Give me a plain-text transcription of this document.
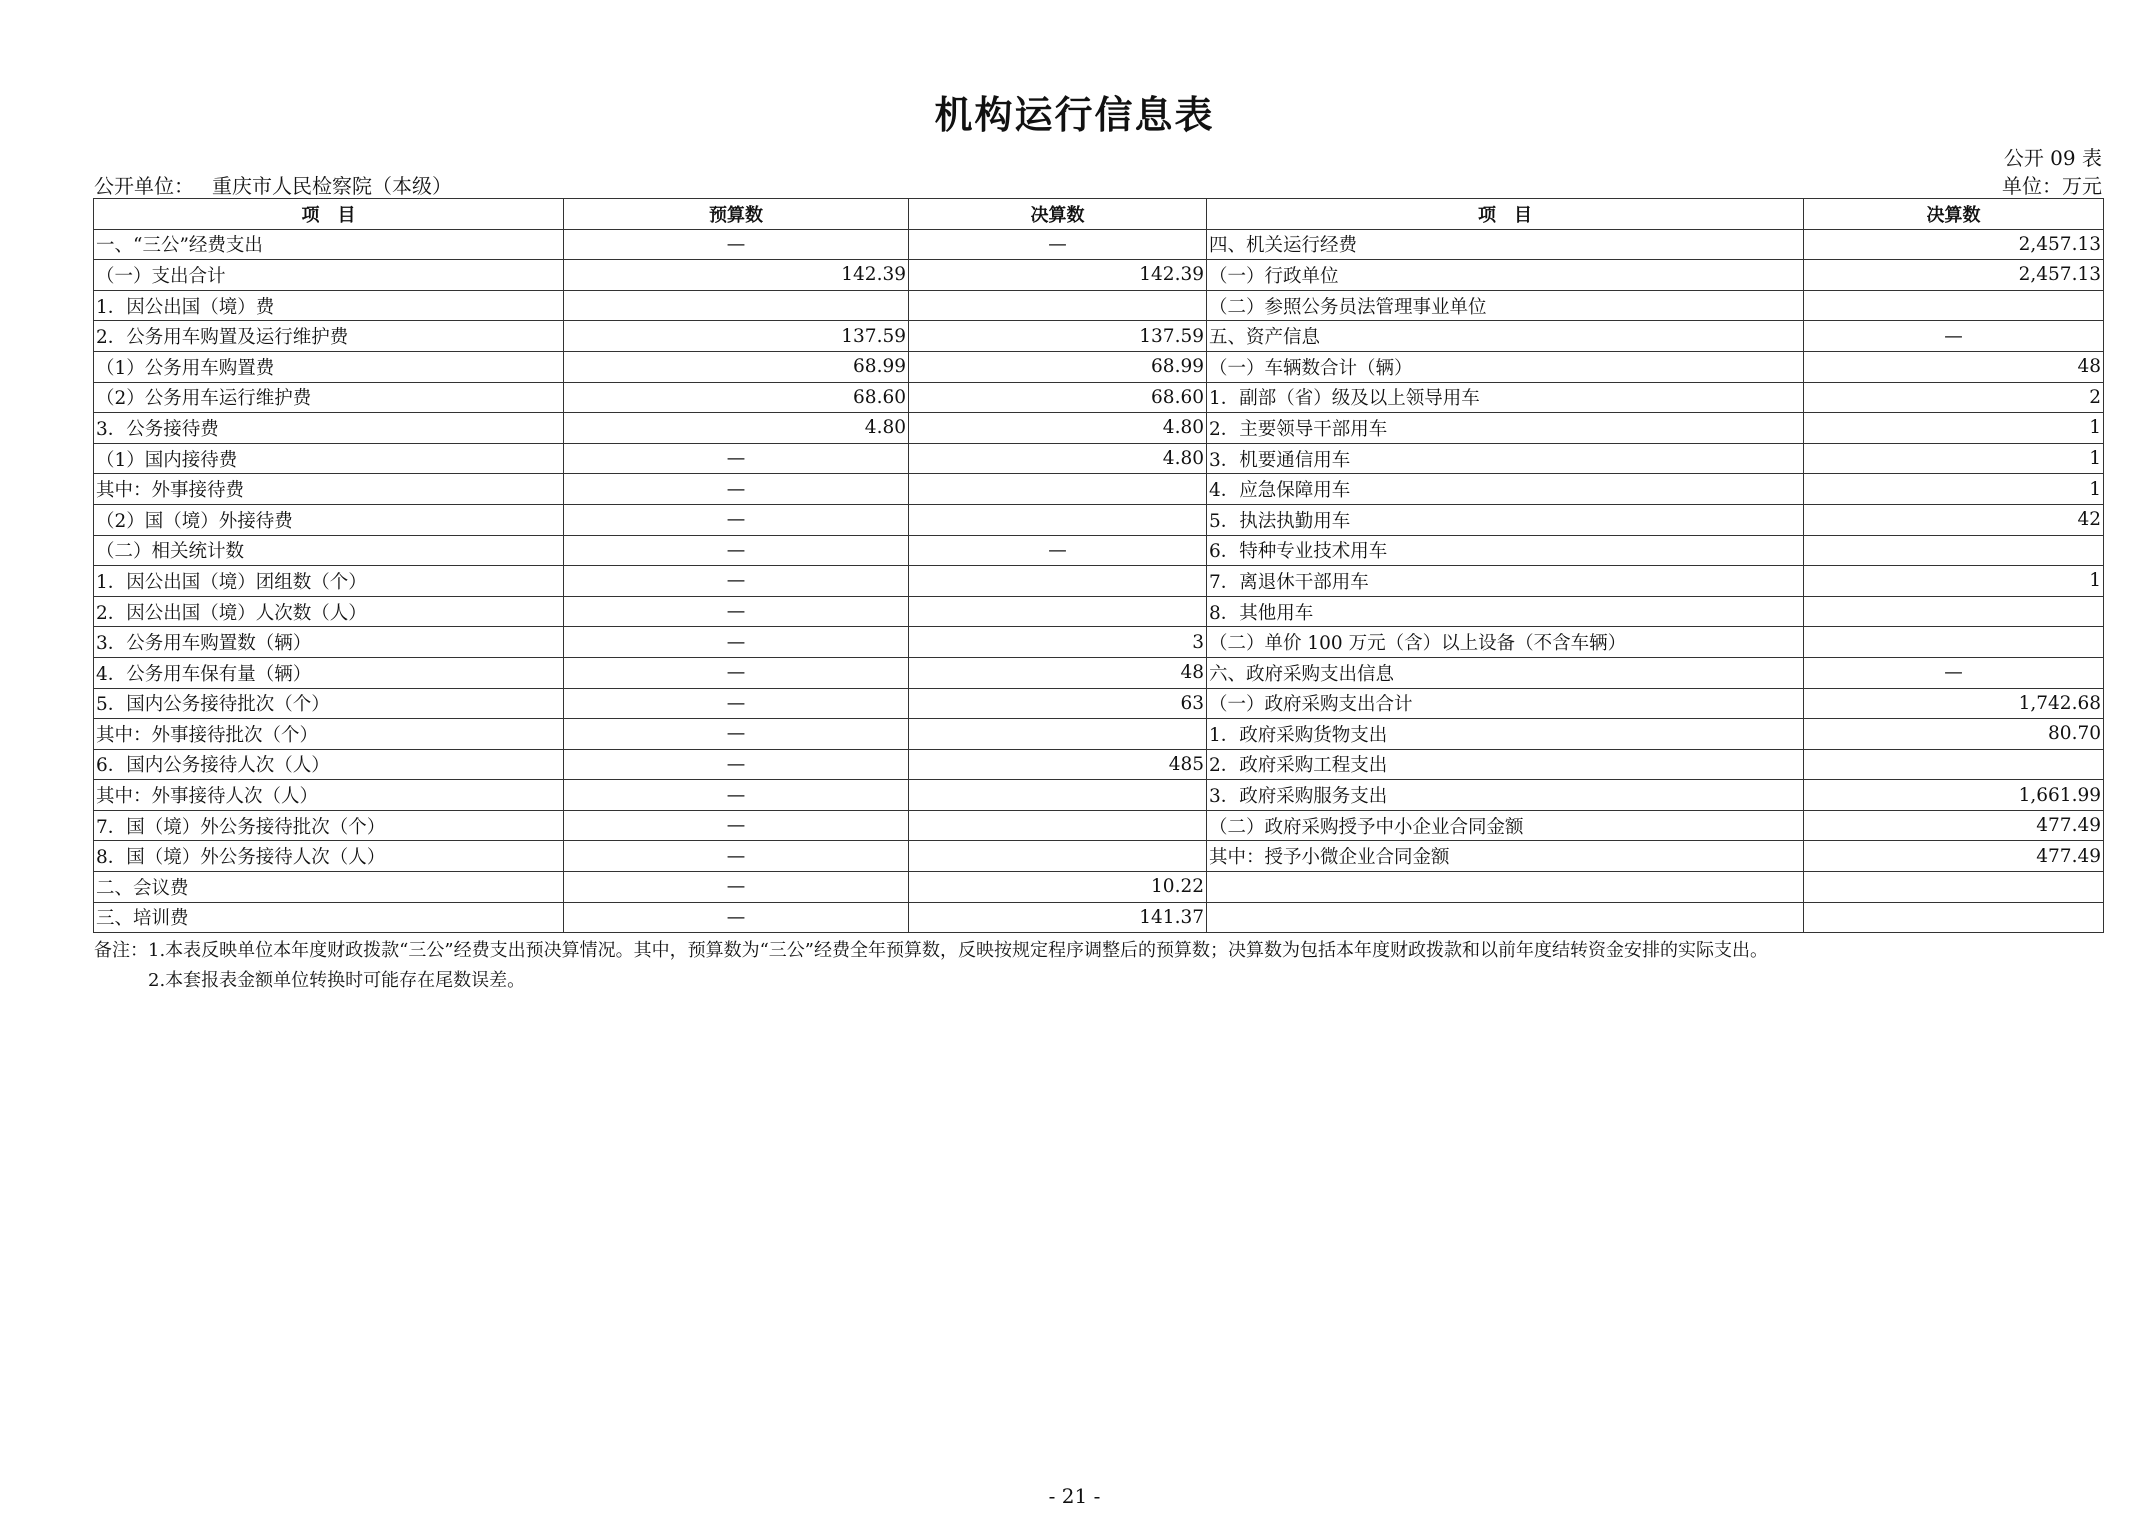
机构运行信息表
公开 09 表
公开单位： 重庆市人民检察院（本级）	单位：万元
项　目	预算数	决算数	项　目	决算数
一、“三公”经费支出	—	—	四、机关运行经费	2,457.13
（一）支出合计	142.39	142.39	（一）行政单位	2,457.13
1．因公出国（境）费			（二）参照公务员法管理事业单位	
2．公务用车购置及运行维护费	137.59	137.59	五、资产信息	—
（1）公务用车购置费	68.99	68.99	（一）车辆数合计（辆）	48
（2）公务用车运行维护费	68.60	68.60	1．副部（省）级及以上领导用车	2
3．公务接待费	4.80	4.80	2．主要领导干部用车	1
（1）国内接待费	—	4.80	3．机要通信用车	1
其中：外事接待费	—		4．应急保障用车	1
（2）国（境）外接待费	—		5．执法执勤用车	42
（二）相关统计数	—	—	6．特种专业技术用车	
1．因公出国（境）团组数（个）	—		7．离退休干部用车	1
2．因公出国（境）人次数（人）	—		8．其他用车	
3．公务用车购置数（辆）	—	3	（二）单价 100 万元（含）以上设备（不含车辆）	
4．公务用车保有量（辆）	—	48	六、政府采购支出信息	—
5．国内公务接待批次（个）	—	63	（一）政府采购支出合计	1,742.68
其中：外事接待批次（个）	—		1．政府采购货物支出	80.70
6．国内公务接待人次（人）	—	485	2．政府采购工程支出	
其中：外事接待人次（人）	—		3．政府采购服务支出	1,661.99
7．国（境）外公务接待批次（个）	—		（二）政府采购授予中小企业合同金额	477.49
8．国（境）外公务接待人次（人）	—		其中：授予小微企业合同金额	477.49
二、会议费	—	10.22		
三、培训费	—	141.37		
备注：1.本表反映单位本年度财政拨款“三公”经费支出预决算情况。其中，预算数为“三公”经费全年预算数，反映按规定程序调整后的预算数；决算数为包括本年度财政拨款和以前年度结转资金安排的实际支出。
2.本套报表金额单位转换时可能存在尾数误差。
- 21 -
